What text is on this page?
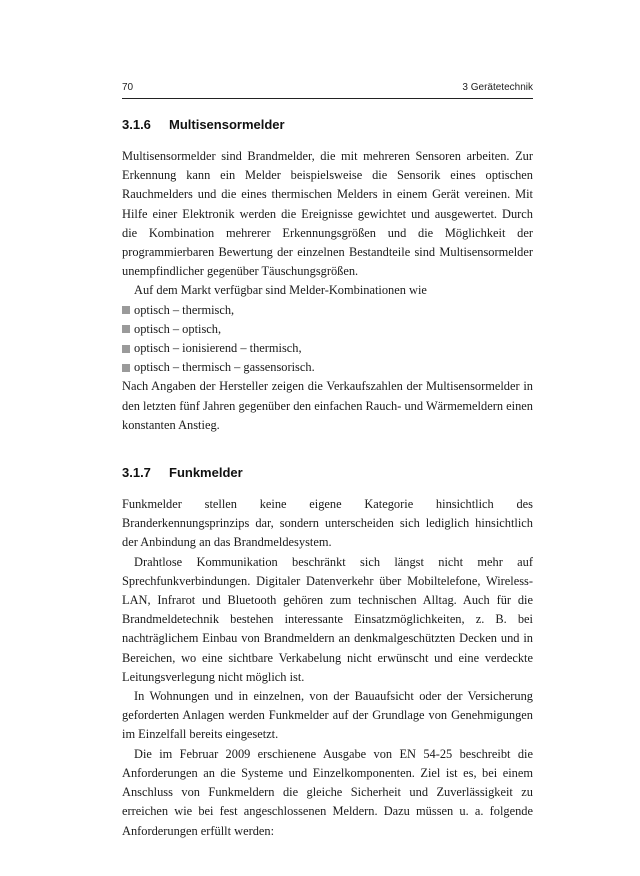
70	3 Gerätetechnik
3.1.6	Multisensormelder

Multisensormelder sind Brandmelder, die mit mehreren Sensoren arbeiten. Zur Erkennung kann ein Melder beispielsweise die Sensorik eines optischen Rauchmelders und die eines thermischen Melders in einem Gerät vereinen. Mit Hilfe einer Elektronik werden die Ereignisse gewichtet und ausgewertet. Durch die Kombination mehrerer Erkennungsgrößen und die Möglichkeit der programmierbaren Bewertung der einzelnen Bestandteile sind Multisensormelder unempfindlicher gegenüber Täuschungsgrößen.

Auf dem Markt verfügbar sind Melder-Kombinationen wie

optisch – thermisch,
optisch – optisch,
optisch – ionisierend – thermisch,
optisch – thermisch – gassensorisch.

Nach Angaben der Hersteller zeigen die Verkaufszahlen der Multisensormelder in den letzten fünf Jahren gegenüber den einfachen Rauch- und Wärmemeldern einen konstanten Anstieg.

3.1.7	Funkmelder

Funkmelder stellen keine eigene Kategorie hinsichtlich des Branderkennungsprinzips dar, sondern unterscheiden sich lediglich hinsichtlich der Anbindung an das Brandmeldesystem.

Drahtlose Kommunikation beschränkt sich längst nicht mehr auf Sprechfunkverbindungen. Digitaler Datenverkehr über Mobiltelefone, Wireless-LAN, Infrarot und Bluetooth gehören zum technischen Alltag. Auch für die Brandmeldetechnik bestehen interessante Einsatzmöglichkeiten, z. B. bei nachträglichem Einbau von Brandmeldern an denkmalgeschützten Decken und in Bereichen, wo eine sichtbare Verkabelung nicht erwünscht und eine verdeckte Leitungsverlegung nicht möglich ist.

In Wohnungen und in einzelnen, von der Bauaufsicht oder der Versicherung geforderten Anlagen werden Funkmelder auf der Grundlage von Genehmigungen im Einzelfall bereits eingesetzt.

Die im Februar 2009 erschienene Ausgabe von EN 54-25 beschreibt die Anforderungen an die Systeme und Einzelkomponenten. Ziel ist es, bei einem Anschluss von Funkmeldern die gleiche Sicherheit und Zuverlässigkeit zu erreichen wie bei fest angeschlossenen Meldern. Dazu müssen u. a. folgende Anforderungen erfüllt werden:
